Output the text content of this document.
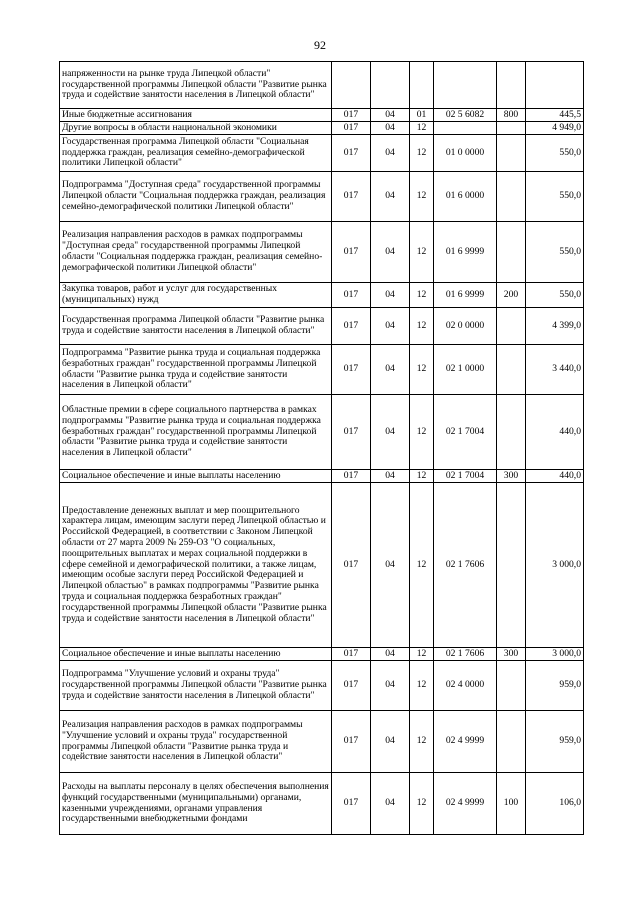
92
напряженности на рынке труда Липецкой области" государственной программы Липецкой области "Развитие рынка труда и содействие занятости населения в Липецкой области"						
Иные бюджетные ассигнования	017	04	01	02 5 6082	800	445,5
Другие вопросы в области национальной экономики	017	04	12			4 949,0
Государственная программа Липецкой области "Социальная поддержка граждан, реализация семейно-демографической политики Липецкой области"	017	04	12	01 0 0000		550,0
Подпрограмма "Доступная среда" государственной программы Липецкой области "Социальная поддержка граждан, реализация семейно-демографической политики Липецкой области"	017	04	12	01 6 0000		550,0
Реализация направления расходов в рамках подпрограммы "Доступная среда" государственной программы Липецкой области "Социальная поддержка граждан, реализация семейно-демографической политики Липецкой области"	017	04	12	01 6 9999		550,0
Закупка товаров, работ и услуг для государственных (муниципальных) нужд	017	04	12	01 6 9999	200	550,0
Государственная программа Липецкой области "Развитие рынка труда и содействие занятости населения в Липецкой области"	017	04	12	02 0 0000		4 399,0
Подпрограмма "Развитие рынка труда и социальная поддержка безработных граждан" государственной программы Липецкой области "Развитие рынка труда и содействие занятости населения в Липецкой области"	017	04	12	02 1 0000		3 440,0
Областные премии в сфере социального партнерства в рамках подпрограммы "Развитие рынка труда и социальная поддержка безработных граждан" государственной программы Липецкой области "Развитие рынка труда и содействие занятости населения в Липецкой области"	017	04	12	02 1 7004		440,0
Социальное обеспечение и иные выплаты населению	017	04	12	02 1 7004	300	440,0
Предоставление денежных выплат и мер поощрительного характера лицам, имеющим заслуги перед Липецкой областью и Российской Федерацией, в соответствии с Законом Липецкой области от 27 марта 2009 № 259-ОЗ "О социальных, поощрительных выплатах и мерах социальной поддержки в сфере семейной и демографической политики, а также лицам, имеющим особые заслуги перед Российской Федерацией и Липецкой областью" в рамках подпрограммы "Развитие рынка труда и социальная поддержка безработных граждан" государственной программы Липецкой области "Развитие рынка труда и содействие занятости населения в Липецкой области"	017	04	12	02 1 7606		3 000,0
Социальное обеспечение и иные выплаты населению	017	04	12	02 1 7606	300	3 000,0
Подпрограмма "Улучшение условий и охраны труда" государственной программы Липецкой области "Развитие рынка труда и содействие занятости населения в Липецкой области"	017	04	12	02 4 0000		959,0
Реализация направления расходов в рамках подпрограммы "Улучшение условий и охраны труда" государственной программы Липецкой области "Развитие рынка труда и содействие занятости населения в Липецкой области"	017	04	12	02 4 9999		959,0
Расходы на выплаты персоналу в целях обеспечения выполнения функций государственными (муниципальными) органами, казенными учреждениями, органами управления государственными внебюджетными фондами	017	04	12	02 4 9999	100	106,0
